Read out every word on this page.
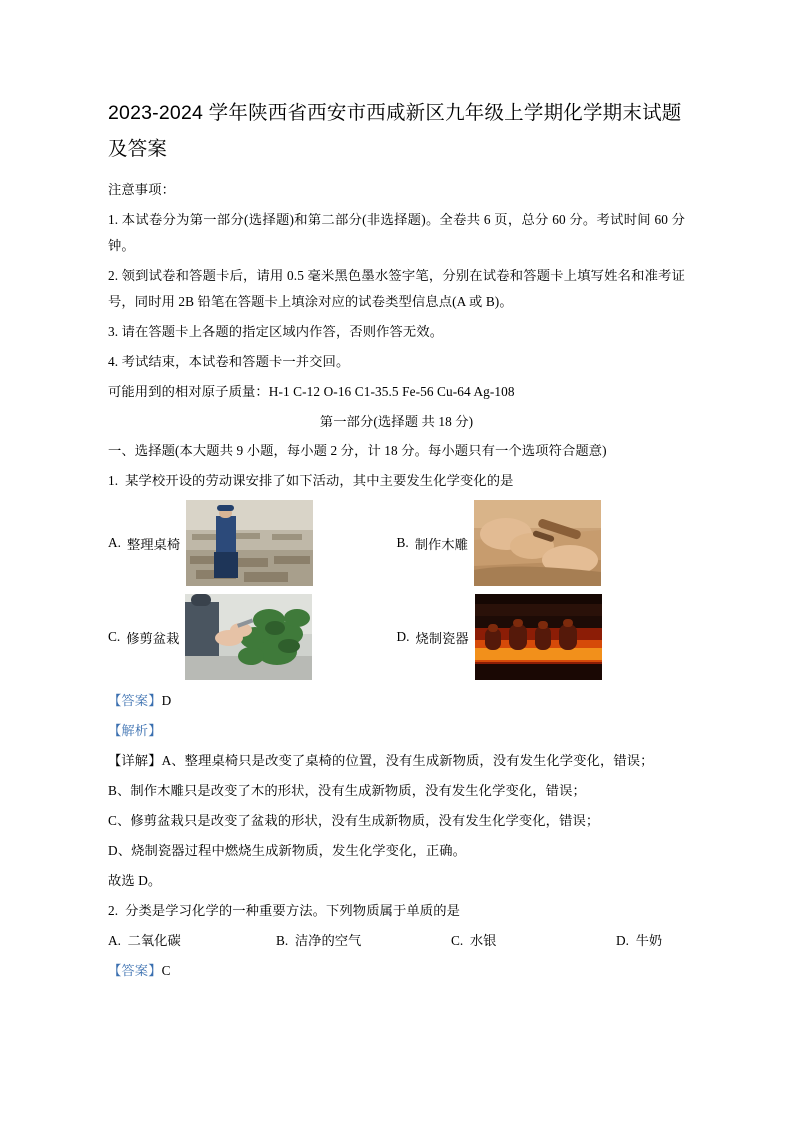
2023-2024 学年陕西省西安市西咸新区九年级上学期化学期末试题及答案

注意事项：

1. 本试卷分为第一部分(选择题)和第二部分(非选择题)。全卷共 6 页，总分 60 分。考试时间 60 分钟。

2. 领到试卷和答题卡后，请用 0.5 毫米黑色墨水签字笔，分别在试卷和答题卡上填写姓名和准考证号，同时用 2B 铅笔在答题卡上填涂对应的试卷类型信息点(A 或 B)。

3. 请在答题卡上各题的指定区域内作答，否则作答无效。

4. 考试结束，本试卷和答题卡一并交回。

可能用到的相对原子质量：H-1 C-12 O-16 C1-35.5 Fe-56 Cu-64 Ag-108

第一部分(选择题 共 18 分)

一、选择题(本大题共 9 小题，每小题 2 分，计 18 分。每小题只有一个选项符合题意)

1. 某学校开设的劳动课安排了如下活动，其中主要发生化学变化的是

A. 整理桌椅	B. 制作木雕
C. 修剪盆栽	D. 烧制瓷器

【答案】D

【解析】

【详解】A、整理桌椅只是改变了桌椅的位置，没有生成新物质，没有发生化学变化，错误；

B、制作木雕只是改变了木的形状，没有生成新物质，没有发生化学变化，错误；

C、修剪盆栽只是改变了盆栽的形状，没有生成新物质，没有发生化学变化，错误；

D、烧制瓷器过程中燃烧生成新物质，发生化学变化，正确。

故选 D。

2. 分类是学习化学的一种重要方法。下列物质属于单质的是

A. 二氧化碳	B. 洁净的空气	C. 水银	D. 牛奶

【答案】C
